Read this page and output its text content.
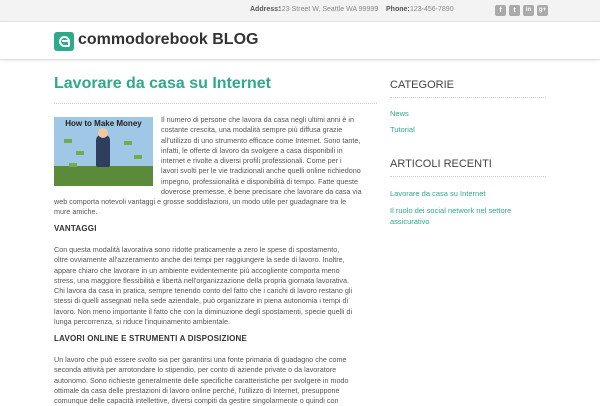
Address:
123 Street W, Seattle WA 99999 Phone: 123-456-7890	f	t	in	g+
commodorebook BLOG
Lavorare da casa su Internet
How to Make Money	Il numero di persone che lavora da casa negli ultimi anni è in
costante crescita, una modalità sempre più diffusa grazie
all'utilizzo di uno strumento efficace come Internet. Sono tante,
infatti, le offerte di lavoro da svolgere a casa disponibili in
internet e rivolte a diversi profili professionali. Come per i
lavori svolti per le vie tradizionali anche quelli online richiedono
impegno, professionalità e disponibilità di tempo. Fatte queste
doverose premesse, è bene precisare che lavorare da casa via
web comporta notevoli vantaggi e grosse soddisfazioni, un modo utile per guadagnare tra le
mure amiche.
VANTAGGI
Con questa modalità lavorativa sono ridotte praticamente a zero le spese di spostamento,
oltre ovviamente all'azzeramento anche dei tempi per raggiungere la sede di lavoro. Inoltre,
appare chiaro che lavorare in un ambiente evidentemente più accogliente comporta meno
stress, una maggiore flessibilità e libertà nell'organizzazione della propria giornata lavorativa.
Chi lavora da casa in pratica, sempre tenendo conto del fatto che i carichi di lavoro restano gli
stessi di quelli assegnati nella sede aziendale, può organizzare in piena autonomia i tempi di
lavoro. Non meno importante il fatto che con la diminuzione degli spostamenti, specie quelli di
lunga percorrenza, si riduce l'inquinamento ambientale.
LAVORI ONLINE E STRUMENTI A DISPOSIZIONE
Un lavoro che può essere svolto sia per garantirsi una fonte primaria di guadagno che come
seconda attività per arrotondare lo stipendio, per conto di aziende private o da lavoratore
autonomo. Sono richieste generalmente delle specifiche caratteristiche per svolgere in modo
ottimale da casa delle prestazioni di lavoro online perché, l'utilizzo di Internet, presuppone
comunque delle capacità intellettive, diversi compiti da gestire singolarmente o quindi con
CATEGORIE
News
Tutorial
ARTICOLI RECENTI
Lavorare da casa su Internet
Il ruolo dei social network nel settore assicurativo
